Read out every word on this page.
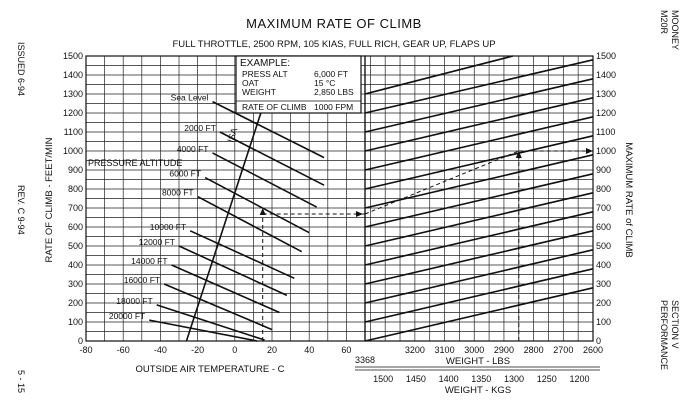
MAXIMUM RATE OF CLIMB
FULL THROTTLE, 2500 RPM, 105 KIAS, FULL RICH, GEAR UP, FLAPS UP
ISSUED 6-94
REV. C 9-94
5 - 15
MOONEY
M20R
SECTION V
PERFORMANCE
RATE OF CLIMB - FEET/MIN	MAXIMUM RATE of CLIMB
Sea Level
2000 FT
4000 FT
6000 FT
8000 FT
10000 FT
12000 FT
14000 FT
16000 FT
18000 FT
20000 FT
0
100
200
300
400
500
600
700
800
900
1000
1100
1200
1300
1400
1500
0
100
200
300
400
500
600
700
800
900
1000
1100
1200
1300
1400
1500
-80	-60	-40	-20	0	20	40	60
3368
3200 3100 3000 2900 2800 2700 2600
1500 1450 1400 1350 1300 1250 1200
EXAMPLE:
PRESS ALT	6,000 FT
OAT	15 °C
WEIGHT	2,850 LBS
RATE OF CLIMB 1000 FPM
OUTSIDE AIR TEMPERATURE - C
WEIGHT - LBS
WEIGHT - KGS
PRESSURE ALTITUDE
ISA
